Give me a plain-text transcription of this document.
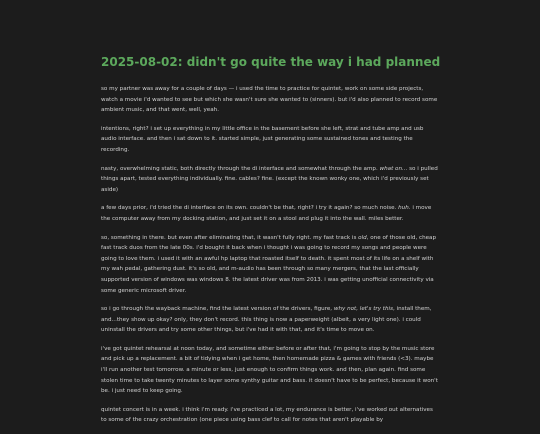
2025-08-02: didn't go quite the way i had planned

so my partner was away for a couple of days — i used the time to practice for quintet, work on some side projects, watch a movie i'd wanted to see but which she wasn't sure she wanted to (sinners). but i'd also planned to record some ambient music, and that went, well, yeah.

intentions, right? i set up everything in my little office in the basement before she left, strat and tube amp and usb audio interface. and then i sat down to it. started simple, just generating some sustained tones and testing the recording.

nasty, overwhelming static, both directly through the di interface and somewhat through the amp. what on... so i pulled things apart, tested everything individually. fine. cables? fine. (except the known wonky one, which i'd previously set aside)

a few days prior, i'd tried the di interface on its own. couldn't be that, right? i try it again? so much noise. huh. i move the computer away from my docking station, and just set it on a stool and plug it into the wall. miles better.

so, something in there. but even after eliminating that, it wasn't fully right. my fast track is old, one of those old, cheap fast track duos from the late 00s. i'd bought it back when i thought i was going to record my songs and people were going to love them. i used it with an awful hp laptop that roasted itself to death. it spent most of its life on a shelf with my wah pedal, gathering dust. it's so old, and m-audio has been through so many mergers, that the last officially supported version of windows was windows 8. the latest driver was from 2013. i was getting unofficial connectivity via some generic microsoft driver.

so i go through the wayback machine, find the latest version of the drivers, figure, why not, let's try this, install them, and...they show up okay? only, they don't record. this thing is now a paperweight (albeit, a very light one). i could uninstall the drivers and try some other things, but i've had it with that, and it's time to move on.

i've got quintet rehearsal at noon today, and sometime either before or after that, i'm going to stop by the music store and pick up a replacement. a bit of tidying when i get home, then homemade pizza & games with friends (<3). maybe i'll run another test tomorrow. a minute or less, just enough to confirm things work. and then, plan again. find some stolen time to take twenty minutes to layer some synthy guitar and bass. it doesn't have to be perfect, because it won't be. i just need to keep going.

quintet concert is in a week. i think i'm ready. i've practiced a lot, my endurance is better, i've worked out alternatives to some of the crazy orchestration (one piece using bass clef to call for notes that aren't playable by
